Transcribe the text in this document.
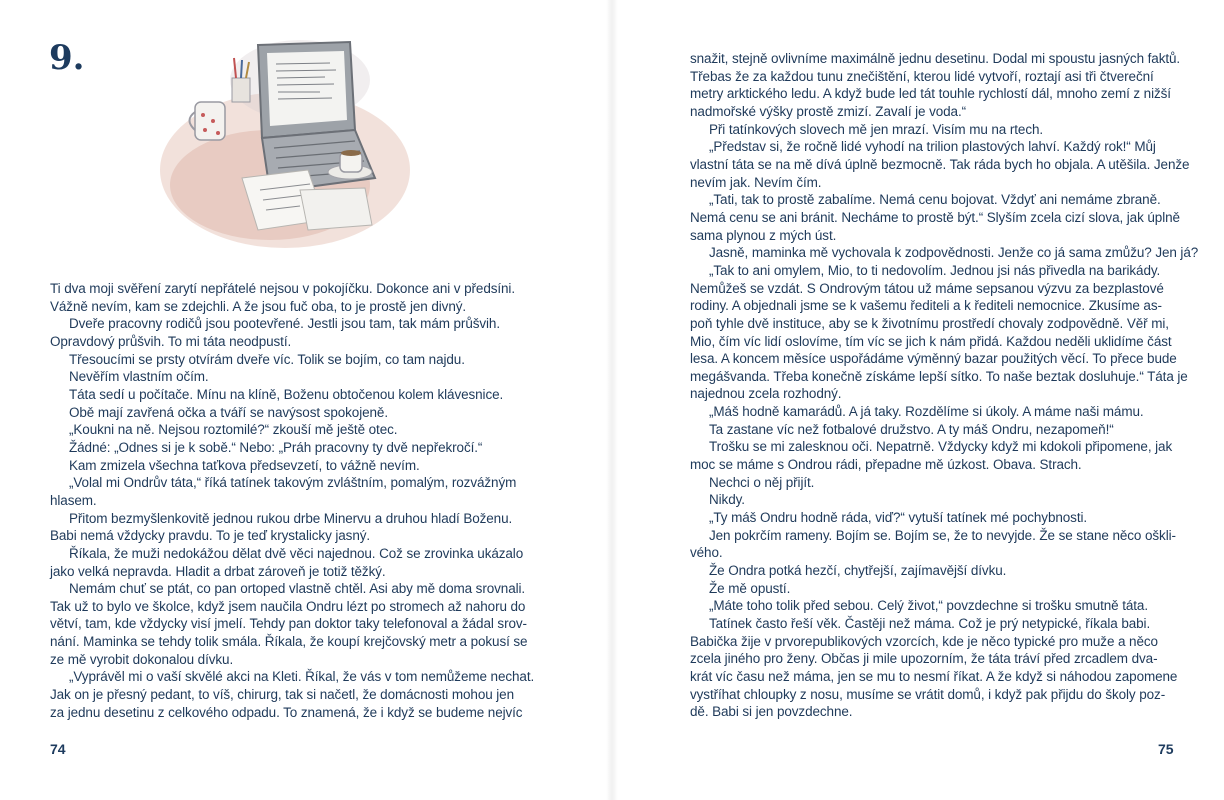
9.

Ti dva moji svěření zarytí nepřátelé nejsou v pokojíčku. Dokonce ani v předsíni.

Vážně nevím, kam se zdejchli. A že jsou fuč oba, to je prostě jen divný.

Dveře pracovny rodičů jsou pootevřené. Jestli jsou tam, tak mám průšvih.

Opravdový průšvih. To mi táta neodpustí.

Třesoucími se prsty otvírám dveře víc. Tolik se bojím, co tam najdu.

Nevěřím vlastním očím.

Táta sedí u počítače. Mínu na klíně, Boženu obtočenou kolem klávesnice.

Obě mají zavřená očka a tváří se navýsost spokojeně.

„Koukni na ně. Nejsou roztomilé?“ zkouší mě ještě otec.

Žádné: „Odnes si je k sobě.“ Nebo: „Práh pracovny ty dvě nepřekročí.“

Kam zmizela všechna taťkova předsevzetí, to vážně nevím.

„Volal mi Ondrův táta,“ říká tatínek takovým zvláštním, pomalým, rozvážným

hlasem.

Přitom bezmyšlenkovitě jednou rukou drbe Minervu a druhou hladí Boženu.

Babi nemá vždycky pravdu. To je teď krystalicky jasný.

Říkala, že muži nedokážou dělat dvě věci najednou. Což se zrovinka ukázalo

jako velká nepravda. Hladit a drbat zároveň je totiž těžký.

Nemám chuť se ptát, co pan ortoped vlastně chtěl. Asi aby mě doma srovnali.

Tak už to bylo ve školce, když jsem naučila Ondru lézt po stromech až nahoru do

větví, tam, kde vždycky visí jmelí. Tehdy pan doktor taky telefonoval a žádal srov-

nání. Maminka se tehdy tolik smála. Říkala, že koupí krejčovský metr a pokusí se

ze mě vyrobit dokonalou dívku.

„Vyprávěl mi o vaší skvělé akci na Kleti. Říkal, že vás v tom nemůžeme nechat.

Jak on je přesný pedant, to víš, chirurg, tak si načetl, že domácnosti mohou jen

za jednu desetinu z celkového odpadu. To znamená, že i když se budeme nejvíc

74

snažit, stejně ovlivníme maximálně jednu desetinu. Dodal mi spoustu jasných faktů.

Třebas že za každou tunu znečištění, kterou lidé vytvoří, roztají asi tři čtvereční

metry arktického ledu. A když bude led tát touhle rychlostí dál, mnoho zemí z nižší

nadmořské výšky prostě zmizí. Zavalí je voda.“

Při tatínkových slovech mě jen mrazí. Visím mu na rtech.

„Představ si, že ročně lidé vyhodí na trilion plastových lahví. Každý rok!“ Můj

vlastní táta se na mě dívá úplně bezmocně. Tak ráda bych ho objala. A utěšila. Jenže

nevím jak. Nevím čím.

„Tati, tak to prostě zabalíme. Nemá cenu bojovat. Vždyť ani nemáme zbraně.

Nemá cenu se ani bránit. Necháme to prostě být.“ Slyším zcela cizí slova, jak úplně

sama plynou z mých úst.

Jasně, maminka mě vychovala k zodpovědnosti. Jenže co já sama zmůžu? Jen já?

„Tak to ani omylem, Mio, to ti nedovolím. Jednou jsi nás přivedla na barikády.

Nemůžeš se vzdát. S Ondrovým tátou už máme sepsanou výzvu za bezplastové

rodiny. A objednali jsme se k vašemu řediteli a k řediteli nemocnice. Zkusíme as-

poň tyhle dvě instituce, aby se k životnímu prostředí chovaly zodpovědně. Věř mi,

Mio, čím víc lidí oslovíme, tím víc se jich k nám přidá. Každou neděli uklidíme část

lesa. A koncem měsíce uspořádáme výměnný bazar použitých věcí. To přece bude

megášvanda. Třeba konečně získáme lepší sítko. To naše beztak dosluhuje.“ Táta je

najednou zcela rozhodný.

„Máš hodně kamarádů. A já taky. Rozdělíme si úkoly. A máme naši mámu.

Ta zastane víc než fotbalové družstvo. A ty máš Ondru, nezapomeň!“

Trošku se mi zalesknou oči. Nepatrně. Vždycky když mi kdokoli připomene, jak

moc se máme s Ondrou rádi, přepadne mě úzkost. Obava. Strach.

Nechci o něj přijít.

Nikdy.

„Ty máš Ondru hodně ráda, viď?“ vytuší tatínek mé pochybnosti.

Jen pokrčím rameny. Bojím se. Bojím se, že to nevyjde. Že se stane něco oškli-

vého.

Že Ondra potká hezčí, chytřejší, zajímavější dívku.

Že mě opustí.

„Máte toho tolik před sebou. Celý život,“ povzdechne si trošku smutně táta.

Tatínek často řeší věk. Častěji než máma. Což je prý netypické, říkala babi.

Babička žije v prvorepublikových vzorcích, kde je něco typické pro muže a něco

zcela jiného pro ženy. Občas ji mile upozorním, že táta tráví před zrcadlem dva-

krát víc času než máma, jen se mu to nesmí říkat. A že když si náhodou zapomene

vystříhat chloupky z nosu, musíme se vrátit domů, i když pak přijdu do školy poz-

dě. Babi si jen povzdechne.

75
